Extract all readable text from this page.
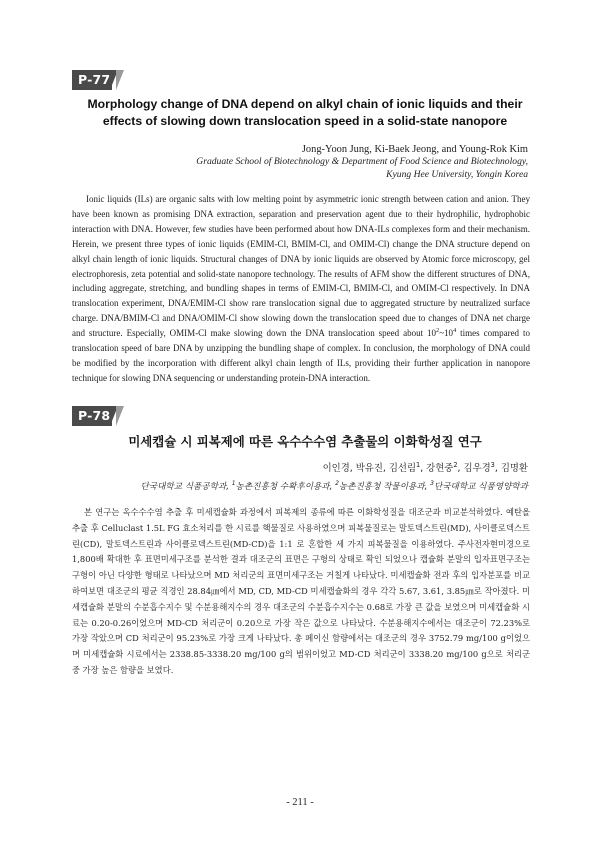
P-77
Morphology change of DNA depend on alkyl chain of ionic liquids and their
effects of slowing down translocation speed in a solid-state nanopore
Jong-Yoon Jung, Ki-Baek Jeong, and Young-Rok Kim
Graduate School of Biotechnology & Department of Food Science and Biotechnology,
Kyung Hee University, Yongin Korea

Ionic liquids (ILs) are organic salts with low melting point by asymmetric ionic strength between cation and anion. They have been known as promising DNA extraction, separation and preservation agent due to their hydrophilic, hydrophobic interaction with DNA. However, few studies have been performed about how DNA-ILs complexes form and their mechanism. Herein, we present three types of ionic liquids (EMIM-Cl, BMIM-Cl, and OMIM-Cl) change the DNA structure depend on alkyl chain length of ionic liquids. Structural changes of DNA by ionic liquids are observed by Atomic force microscopy, gel electrophoresis, zeta potential and solid-state nanopore technology. The results of AFM show the different structures of DNA, including aggregate, stretching, and bundling shapes in terms of EMIM-Cl, BMIM-Cl, and OMIM-Cl respectively. In DNA translocation experiment, DNA/EMIM-Cl show rare translocation signal due to aggregated structure by neutralized surface charge. DNA/BMIM-Cl and DNA/OMIM-Cl show slowing down the translocation speed due to changes of DNA net charge and structure. Especially, OMIM-Cl make slowing down the DNA translocation speed about $10^2\sim 10^4$ times compared to translocation speed of bare DNA by unzipping the bundling shape of complex. In conclusion, the morphology of DNA could be modified by the incorporation with different alkyl chain length of ILs, providing their further application in nanopore technique for slowing DNA sequencing or understanding protein-DNA interaction.

P-78
미세캡슐 시 피복제에 따른 옥수수수염 추출물의 이화학성질 연구
이인경, 박유진, 김선림$^1$, 강현중$^2$, 김우경$^3$, 김명환
단국대학교 식품공학과, $^1$농촌진흥청 수확후이용과, $^2$농촌진흥청 작물이용과, $^3$단국대학교 식품영양학과

본 연구는 옥수수수염 추출 후 미세캡슐화 과정에서 피복제의 종류에 따른 이화학성질을 대조군과 비교분석하였다. 예탄올 추출 후 Celluclast 1.5L FG 효소처리를 한 시료를 핵물질로 사용하였으며 피복물질로는 말토덱스트린(MD), 사이클로덱스트린(CD), 말토덱스트린과 사이클로덱스트린(MD-CD)을 1:1 로 혼합한 세 가지 피복물질을 이용하였다. 주사전자현미경으로 1,800배 확대한 후 표면미세구조를 분석한 결과 대조군의 표면은 구형의 상태로 확인 되었으나 캡슐화 분말의 입자표면구조는 구형이 아닌 다양한 형태로 나타났으며 MD 처리군의 표면미세구조는 거칠게 나타났다. 미세캡슐화 전과 후의 입자분포를 비교하여보면 대조군의 평균 직경인 28.84㎛에서 MD, CD, MD-CD 미세캡슐화의 경우 각각 5.67, 3.61, 3.85㎛로 작아졌다. 미세캡슐화 분말의 수분흡수지수 및 수분용해지수의 경우 대조군의 수분흡수지수는 0.68로 가장 큰 값을 보였으며 미세캡슐화 시료는 0.20-0.26이었으며 MD-CD 처리군이 0.20으로 가장 작은 값으로 나타났다. 수분용해지수에서는 대조군이 72.23%로 가장 작았으며 CD 처리군이 95.23%로 가장 크게 나타났다. 총 페이신 함량에서는 대조군의 경우 3752.79 mg/100 g이었으며 미세캡슐화 시료에서는 2338.85-3338.20 mg/100 g의 범위이었고 MD-CD 처리군이 3338.20 mg/100 g으로 처리군 중 가장 높은 함량을 보였다.

- 211 -
